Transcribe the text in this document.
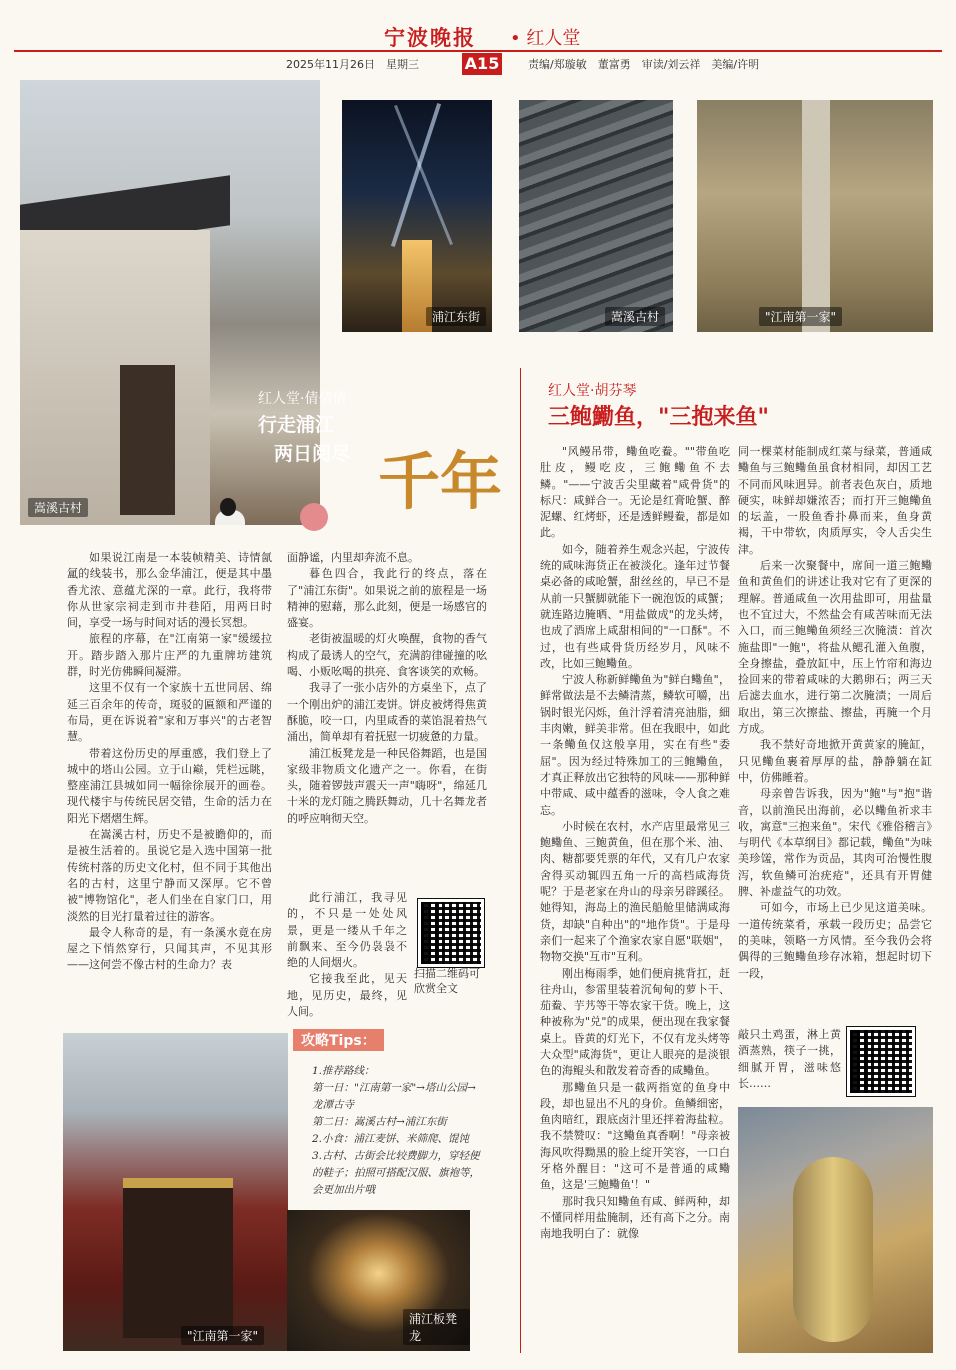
宁波晚报 • 红人堂
2025年11月26日　星期三	A15	责编/郑璇敏　董富勇　审读/刘云祥　美编/许明
嵩溪古村
浦江东街	嵩溪古村	"江南第一家"
红人堂·倩倩倩
行走浦江
两日阅尽 千年

如果说江南是一本装帧精美、诗情氤氲的线装书，那么金华浦江，便是其中墨香尤浓、意蕴尤深的一章。此行，我将带你从世家宗祠走到市井巷陌，用两日时间，享受一场与时间对话的漫长冥想。

旅程的序幕，在"江南第一家"缓缓拉开。踏步踏入那片庄严的九重牌坊建筑群，时光仿佛瞬间凝滞。

这里不仅有一个家族十五世同居、绵延三百余年的传奇，斑驳的匾额和严谨的布局，更在诉说着"家和万事兴"的古老智慧。

带着这份历史的厚重感，我们登上了城中的塔山公园。立于山巅，凭栏远眺，整座浦江县城如同一幅徐徐展开的画卷。现代楼宇与传统民居交错，生命的活力在阳光下熠熠生辉。

在嵩溪古村，历史不是被瞻仰的，而是被生活着的。虽说它是入选中国第一批传统村落的历史文化村，但不同于其他出名的古村，这里宁静而又深厚。它不曾被"博物馆化"，老人们坐在自家门口，用淡然的目光打量着过往的游客。

最令人称奇的是，有一条溪水竟在房屋之下悄然穿行，只闻其声，不见其形——这何尝不像古村的生命力？表

面静谧，内里却奔流不息。

暮色四合，我此行的终点，落在了"浦江东街"。如果说之前的旅程是一场精神的慰藉，那么此刻，便是一场感官的盛宴。

老街被温暖的灯火唤醒，食物的香气构成了最诱人的空气，充满韵律碰撞的吆喝、小贩吆喝的拱亮、食客谈笑的欢畅。

我寻了一张小店外的方桌坐下，点了一个刚出炉的浦江麦饼。饼皮被烤得焦黄酥脆，咬一口，内里咸香的菜馅混着热气涌出，简单却有着抚慰一切疲惫的力量。

浦江板凳龙是一种民俗舞蹈，也是国家级非物质文化遗产之一。你看，在街头，随着锣鼓声震天一声"嗨呀"，绵延几十米的龙灯随之腾跃舞动，几十名舞龙者的呼应响彻天空。

此行浦江，我寻见的，不只是一处处风景，更是一缕从千年之前飘来、至今仍袅袅不绝的人间烟火。

它接我至此，见天地，见历史，最终，见人间。

扫描二维码可欣赏全文
"江南第一家"
攻略Tips：

1.推荐路线：

第一日："江南第一家"→塔山公园→龙潭古寺

第二日：嵩溪古村→浦江东街

2.小食：浦江麦饼、米筛爬、馄饨

3.古村、古街会比较费脚力，穿轻便的鞋子；拍照可搭配汉服、旗袍等，会更加出片哦

浦江板凳龙
红人堂·胡芬琴
三鲍鰳鱼，"三抱来鱼"

"风鳗吊带，鳓鱼吃鲞。""带鱼吃肚皮，鳗吃皮，三鲍鳓鱼不去鳞。"——宁波舌尖里藏着"咸骨货"的标尺：咸鲜合一。无论是红膏呛蟹、醉泥螺、红烤虾，还是透鲜鳗鲞，都是如此。

如今，随着养生观念兴起，宁波传统的咸味海货正在被淡化。逢年过节餐桌必备的咸呛蟹，甜丝丝的，早已不是从前一只蟹脚就能下一碗泡饭的咸蟹；就连路边腌晒、"用盐做成"的龙头烤，也成了酒席上咸甜相间的"一口酥"。不过，也有些咸骨货历经岁月，风味不改，比如三鲍鳓鱼。

宁波人称新鲜鳓鱼为"鲜白鳓鱼"，鲜常做法是不去鳞清蒸，鳞软可嚼，出锅时银光闪烁，鱼汁浮着清亮油脂，細丰肉嫩，鲜美非常。但在我眼中，如此一条鳓鱼仅这般享用，实在有些"委屈"。因为经过特殊加工的三鲍鳓鱼，才真正释放出它独特的风味——那种鲜中带咸、咸中蕴香的滋味，令人食之难忘。

小时候在农村，水产店里最常见三鲍鳓鱼、三鲍黄鱼，但在那个米、油、肉、糖都要凭票的年代，又有几户农家舍得买动辄四五角一斤的高档咸海货呢？于是老家在舟山的母亲另辟蹊径。她得知，海岛上的渔民船舱里储满咸海货，却缺"自种出"的"地作货"。于是母亲们一起来了个渔家农家自愿"联姻"，物物交换"互市"互利。

刚出梅雨季，她们便肩挑背扛，赶往舟山，参雷里装着沉甸甸的萝卜干、茄鲞、芋艿等干等农家干货。晚上，这种被称为"兑"的成果，便出现在我家餐桌上。昏黄的灯光下，不仅有龙头烤等大众型"咸海货"，更让人眼亮的是淡银色的海鲲头和散发着奇香的咸鳓鱼。

那鳓鱼只是一截两指宽的鱼身中段，却也显出不凡的身价。鱼鳞细密，鱼肉暗红，跟底卤汁里还拌着海盐粒。我不禁赞叹："这鳓鱼真香啊！"母亲被海风吹得黝黑的脸上绽开笑容，一口白牙格外醒目："这可不是普通的咸鳓鱼，这是'三鲍鳓鱼'！"

那时我只知鳓鱼有咸、鲜两种，却不懂同样用盐腌制，还有高下之分。南南地我明白了：就像

同一棵菜材能制成红菜与绿菜，普通咸鳓鱼与三鲍鳓鱼虽食材相同，却因工艺不同而风味迥异。前者表色灰白，质地硬实，味鲜却嫌浓否；而打开三鲍鳓鱼的坛盖，一股鱼香扑鼻而来，鱼身黄褐，干中带软，肉质厚实，令人舌尖生津。

后来一次聚餐中，席间一道三鲍鳓鱼和黄鱼们的讲述让我对它有了更深的理解。普通咸鱼一次用盐即可，用盐量也不宜过大，不然盐会有咸苦味而无法入口，而三鲍鳓鱼须经三次腌渍：首次施盐即"一鲍"，将盐从鳃孔灌入鱼腹，全身擦盐，叠放缸中，压上竹帘和海边捡回来的带着咸味的大鹅卵石；两三天后滤去血水，进行第二次腌渍；一周后取出，第三次擦盐、擦盐，再腌一个月方成。

我不禁好奇地掀开黄黄家的腌缸，只见鳓鱼裹着厚厚的盐，静静躺在缸中，仿佛睡着。

母亲曾告诉我，因为"鲍"与"抱"谐音，以前渔民出海前，必以鳓鱼祈求丰收，寓意"三抱来鱼"。宋代《雅俗稽言》与明代《本草纲目》都记载，鳓鱼"为味美珍馐，常作为贡品，其肉可治慢性腹泻，软鱼鳞可治疣疮"，还具有开胃健脾、补虚益气的功效。

可如今，市场上已少见这道美味。一道传统菜肴，承载一段历史；品尝它的美味，领略一方风情。至今我仍会将偶得的三鲍鳓鱼珍存冰箱，想起时切下一段，

敲只土鸡蛋，淋上黄酒蒸熟，筷子一挑，细腻开胃，滋味悠长……
